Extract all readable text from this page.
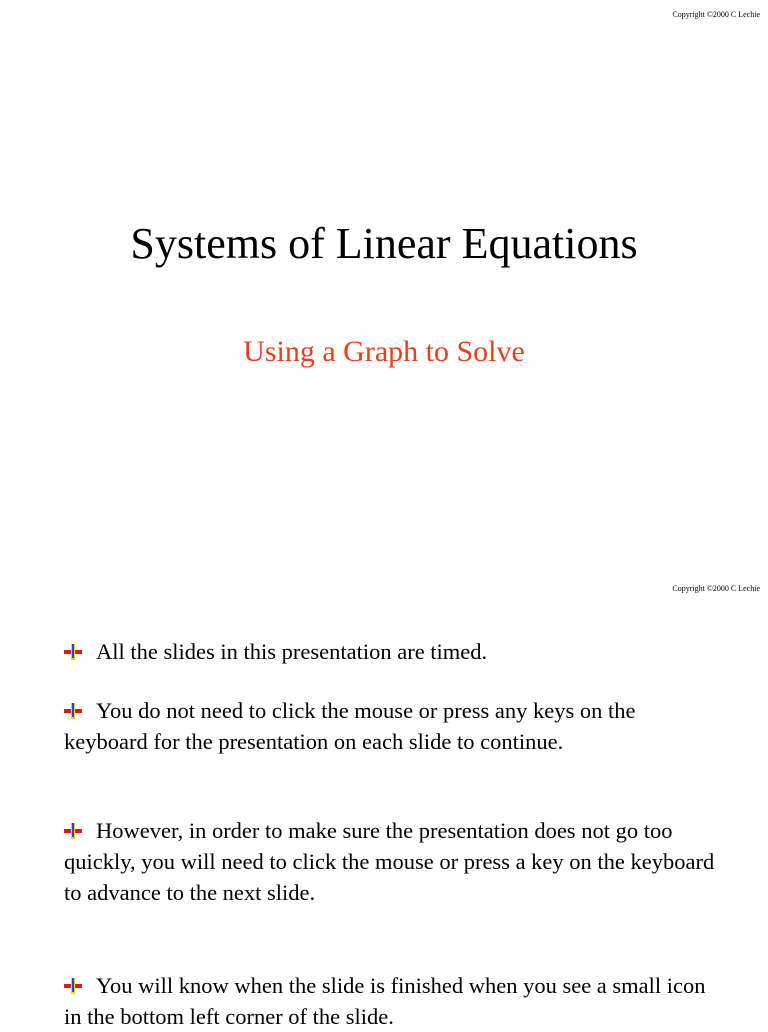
Copyright ©2000 C Lechie
Systems of Linear Equations
Using a Graph to Solve
Copyright ©2000 C Lechie

All the slides in this presentation are timed.

You do not need to click the mouse or press any keys on the keyboard for the presentation on each slide to continue.

However, in order to make sure the presentation does not go too quickly, you will need to click the mouse or press a key on the keyboard to advance to the next slide.

You will know when the slide is finished when you see a small icon in the bottom left corner of the slide.
